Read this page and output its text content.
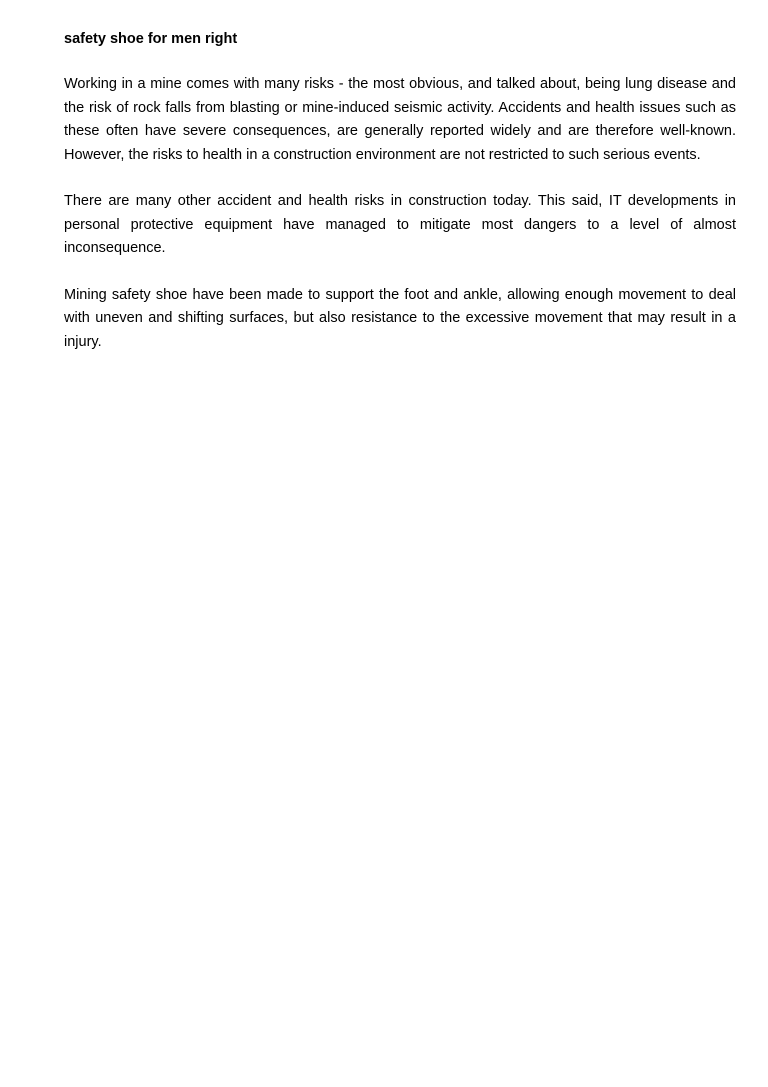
safety shoe for men right

Working in a mine comes with many risks - the most obvious, and talked about, being lung disease and the risk of rock falls from blasting or mine-induced seismic activity. Accidents and health issues such as these often have severe consequences, are generally reported widely and are therefore well-known. However, the risks to health in a construction environment are not restricted to such serious events.

There are many other accident and health risks in construction today. This said, IT developments in personal protective equipment have managed to mitigate most dangers to a level of almost inconsequence.

Mining safety shoe have been made to support the foot and ankle, allowing enough movement to deal with uneven and shifting surfaces, but also resistance to the excessive movement that may result in a injury.
